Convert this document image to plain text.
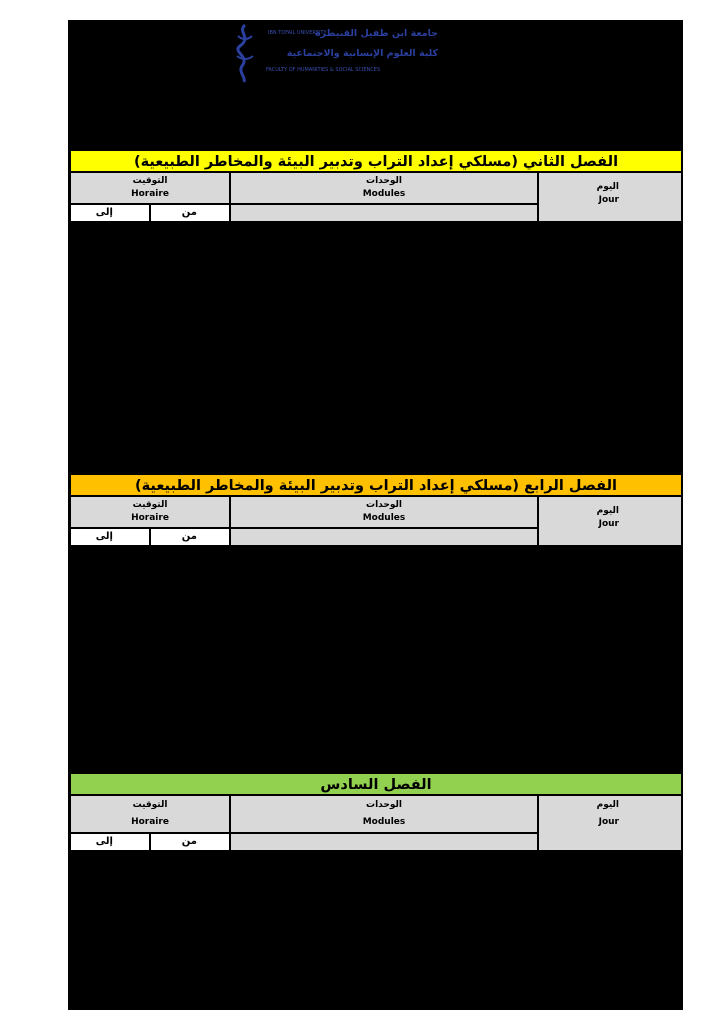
IBN TOFAIL UNIVERSITY
جامعة ابن طفيل القنيطرة
كلية العلوم الإنسانية والاجتماعية
FACULTY OF HUMANITIES & SOCIAL SCIENCES
الفصل الثاني (مسلكي إعداد التراب وتدبير البيئة والمخاطر الطبيعية)
التوقيت
Horaire
الوحدات
Modules
اليوم
Jour
إلى	من
الفصل الرابع (مسلكي إعداد التراب وتدبير البيئة والمخاطر الطبيعية)
التوقيت
Horaire
الوحدات
Modules
اليوم
Jour
إلى	من
الفصل السادس
التوقيت
Horaire
الوحدات
Modules
اليوم
Jour
إلى	من
